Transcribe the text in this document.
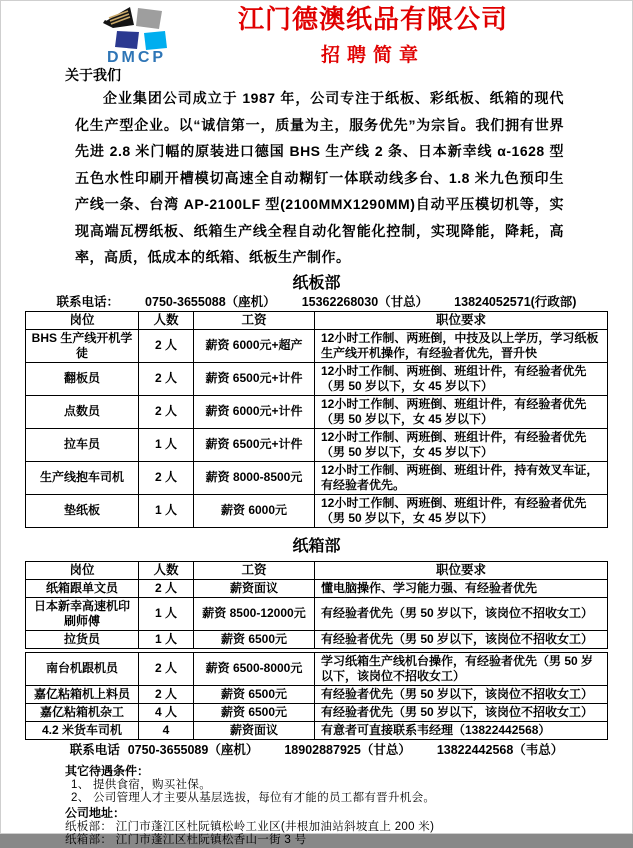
DMCP
江门德澳纸品有限公司
招聘简章
关于我们

企业集团公司成立于 1987 年，公司专注于纸板、彩纸板、纸箱的现代化生产型企业。以“诚信第一，质量为主，服务优先”为宗旨。我们拥有世界先进 2.8 米门幅的原装进口德国 BHS 生产线 2 条、日本新幸线 α-1628 型五色水性印刷开槽模切高速全自动糊钉一体联动线多台、1.8 米九色预印生产线一条、台湾 AP-2100LF 型(2100MMX1290MM)自动平压模切机等，实现高端瓦楞纸板、纸箱生产线全程自动化智能化控制，实现降能，降耗，高率，高质，低成本的纸箱、纸板生产制作。

纸板部
联系电话： 0750-3655088（座机） 15362268030（甘总） 13824052571(行政部)
岗位	人数	工资	职位要求
BHS 生产线开机学徒	2 人	薪资 6000元+超产	12小时工作制、两班倒，中技及以上学历，学习纸板生产线开机操作，有经验者优先，晋升快
翻板员	2 人	薪资 6500元+计件	12小时工作制、两班倒、班组计件，有经验者优先（男 50 岁以下，女 45 岁以下）
点数员	2 人	薪资 6000元+计件	12小时工作制、两班倒、班组计件，有经验者优先（男 50 岁以下，女 45 岁以下）
拉车员	1 人	薪资 6500元+计件	12小时工作制、两班倒、班组计件，有经验者优先（男 50 岁以下，女 45 岁以下）
生产线抱车司机	2 人	薪资 8000-8500元	12小时工作制、两班倒、班组计件，持有效叉车证，有经验者优先。
垫纸板	1 人	薪资 6000元	12小时工作制、两班倒、班组计件，有经验者优先（男 50 岁以下，女 45 岁以下）
纸箱部
岗位	人数	工资	职位要求
纸箱跟单文员	2 人	薪资面议	懂电脑操作、学习能力强、有经验者优先
日本新幸高速机印刷师傅	1 人	薪资 8500-12000元	有经验者优先（男 50 岁以下，该岗位不招收女工）
拉货员	1 人	薪资 6500元	有经验者优先（男 50 岁以下，该岗位不招收女工）
南台机跟机员	2 人	薪资 6500-8000元	学习纸箱生产线机台操作，有经验者优先（男 50 岁以下，该岗位不招收女工）
嘉亿粘箱机上料员	2 人	薪资 6500元	有经验者优先（男 50 岁以下，该岗位不招收女工）
嘉亿粘箱机杂工	4 人	薪资 6500元	有经验者优先（男 50 岁以下，该岗位不招收女工）
4.2 米货车司机	4	薪资面议	有意者可直接联系韦经理（13822442568）
联系电话 0750-3655089（座机） 18902887925（甘总） 13822442568（韦总）
其它待遇条件：
1、 提供食宿，购买社保。
2、 公司管理人才主要从基层选拔，每位有才能的员工都有晋升机会。
公司地址：
纸板部： 江门市蓬江区杜阮镇松岭工业区(井根加油站斜坡直上 200 米)
纸箱部： 江门市蓬江区杜阮镇松香山一街 3 号
